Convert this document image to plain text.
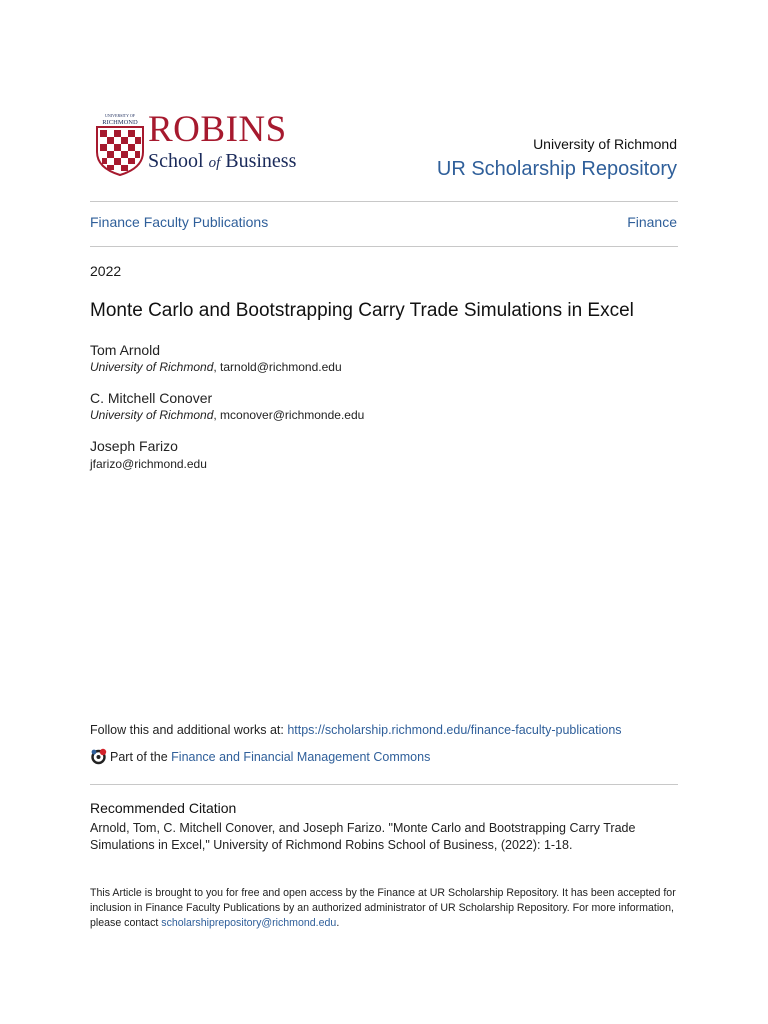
UNIVERSITY OF
RICHMOND ROBINS
School of Business
University of Richmond
UR Scholarship Repository
Finance Faculty Publications	Finance
2022
Monte Carlo and Bootstrapping Carry Trade Simulations in Excel
Tom Arnold
University of Richmond, tarnold@richmond.edu
C. Mitchell Conover
University of Richmond, mconover@richmonde.edu
Joseph Farizo
jfarizo@richmond.edu
Follow this and additional works at: https://scholarship.richmond.edu/finance-faculty-publications
Part of the Finance and Financial Management Commons
Recommended Citation
Arnold, Tom, C. Mitchell Conover, and Joseph Farizo. "Monte Carlo and Bootstrapping Carry Trade Simulations in Excel," University of Richmond Robins School of Business, (2022): 1-18.
This Article is brought to you for free and open access by the Finance at UR Scholarship Repository. It has been accepted for inclusion in Finance Faculty Publications by an authorized administrator of UR Scholarship Repository. For more information, please contact scholarshiprepository@richmond.edu.
